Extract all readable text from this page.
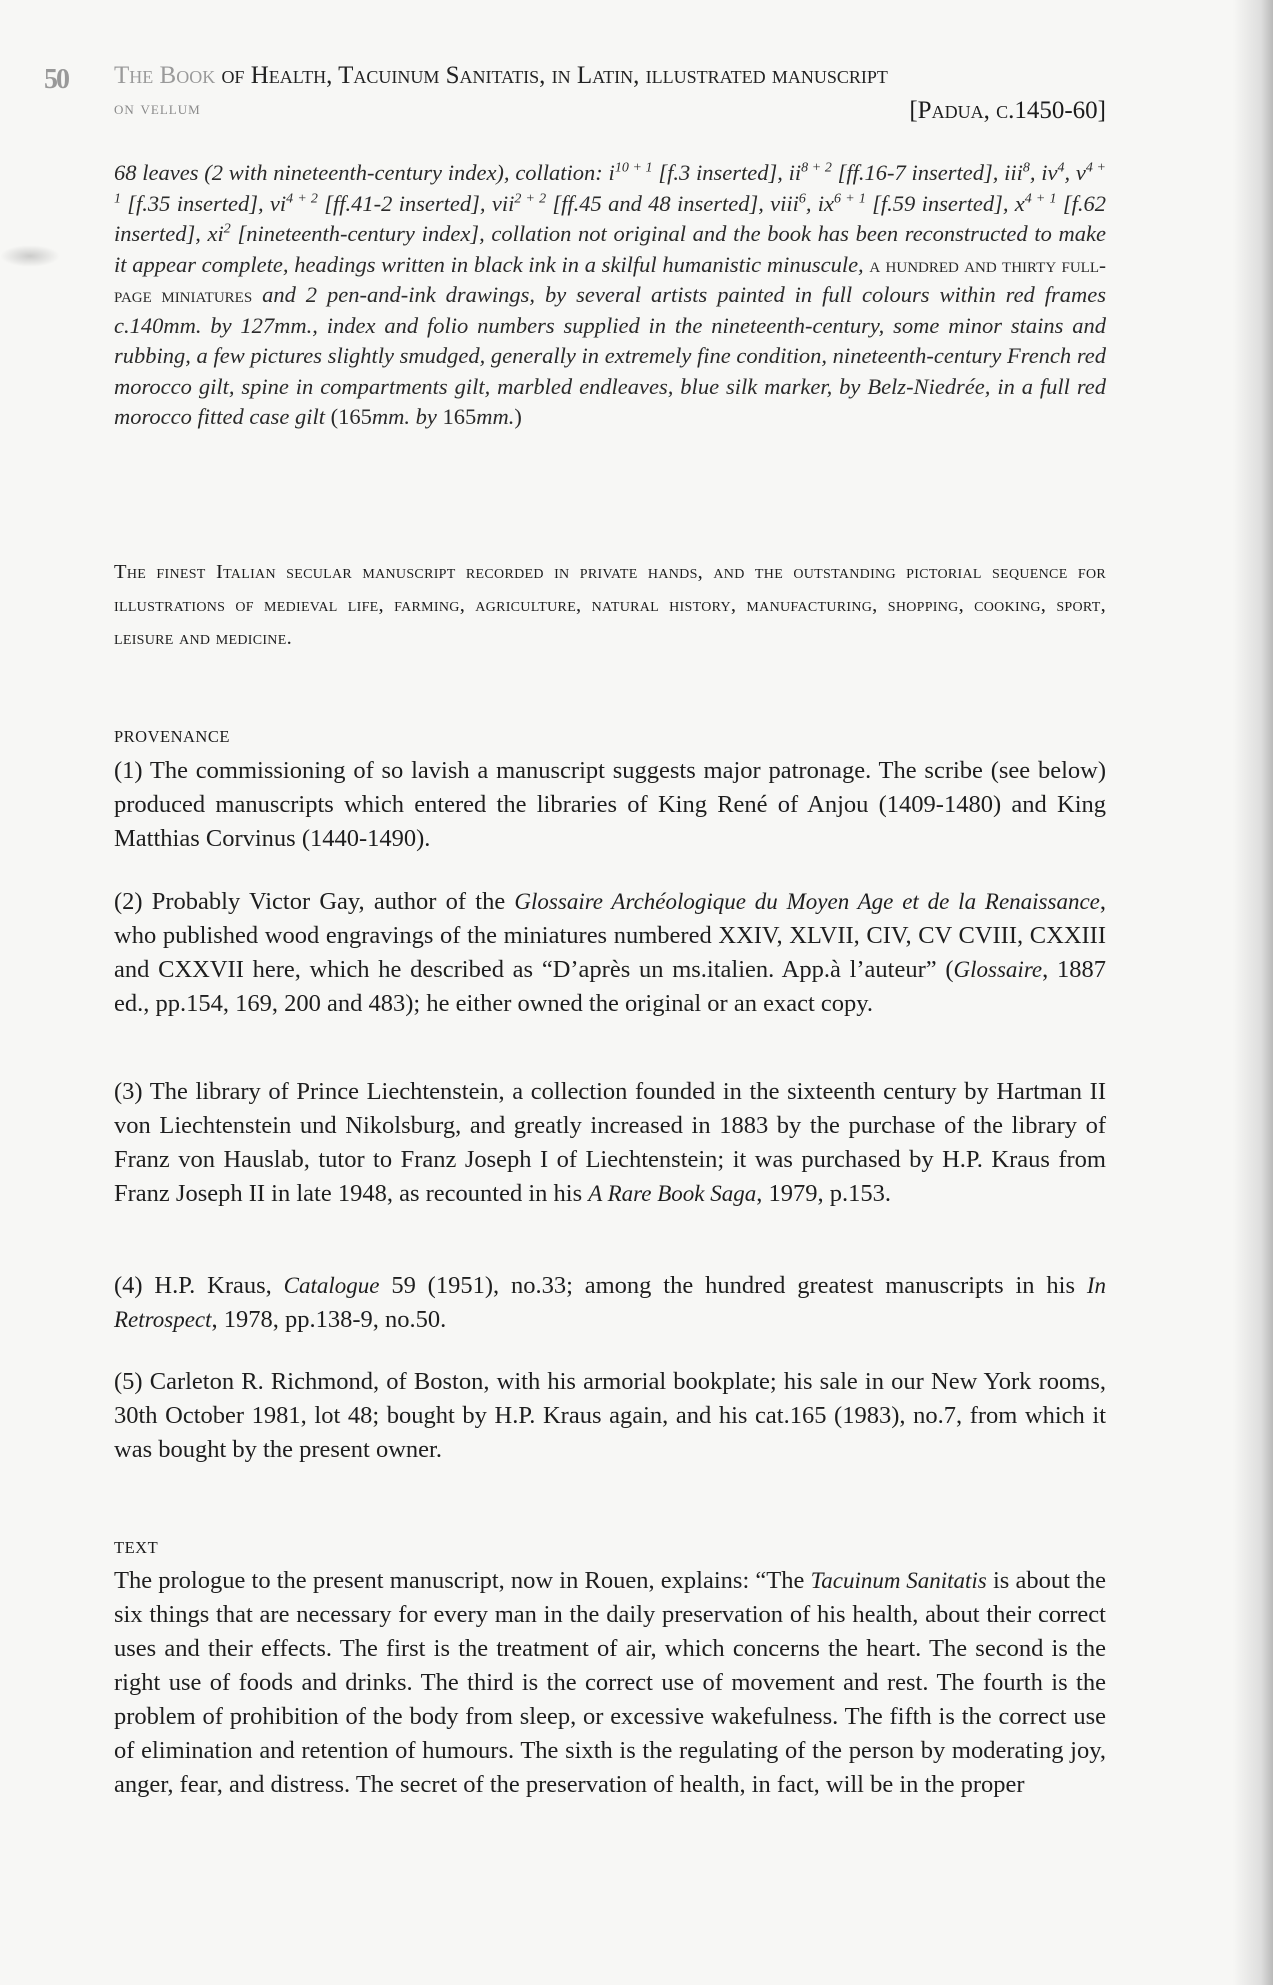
50 The Book of Health, Tacuinum Sanitatis, in Latin, illustrated manuscript
on vellum	[Padua, c.1450-60]
68 leaves (2 with nineteenth-century index), collation: $i^{10 + 1}$ [f.3 inserted], $ii^{8 + 2}$ [ff.16-7 inserted], iii$^8$, $iv^4$, $v^{4 + 1}$ [f.35 inserted], $vi^{4 + 2}$ [ff.41-2 inserted], vii$^{2 + 2}$ [ff.45 and 48 inserted], viii$^6$, $ix^{6 + 1}$ [f.59 inserted], $x^{4 + 1}$ [f.62 inserted], $xi^2$ [nineteenth-century index], collation not original and the book has been reconstructed to make it appear complete, headings written in black ink in a skilful humanistic minuscule, a hundred and thirty full-page miniatures and 2 pen-and-ink drawings, by several artists painted in full colours within red frames c.140mm. by 127mm., index and folio numbers supplied in the nineteenth-century, some minor stains and rubbing, a few pictures slightly smudged, generally in extremely fine condition, nineteenth-century French red morocco gilt, spine in compartments gilt, marbled endleaves, blue silk marker, by Belz-Niedrée, in a full red morocco fitted case gilt (165mm. by 165mm.)
The finest Italian secular manuscript recorded in private hands, and the outstanding pictorial sequence for illustrations of medieval life, farming, agriculture, natural history, manufacturing, shopping, cooking, sport, leisure and medicine.
PROVENANCE
(1) The commissioning of so lavish a manuscript suggests major patronage. The scribe (see below) produced manuscripts which entered the libraries of King René of Anjou (1409-1480) and King Matthias Corvinus (1440-1490).
(2) Probably Victor Gay, author of the Glossaire Archéologique du Moyen Age et de la Renaissance, who published wood engravings of the miniatures numbered XXIV, XLVII, CIV, CV CVIII, CXXIII and CXXVII here, which he described as “D’après un ms.italien. App.à l’auteur” (Glossaire, 1887 ed., pp.154, 169, 200 and 483); he either owned the original or an exact copy.
(3) The library of Prince Liechtenstein, a collection founded in the sixteenth century by Hartman II von Liechtenstein und Nikolsburg, and greatly increased in 1883 by the purchase of the library of Franz von Hauslab, tutor to Franz Joseph I of Liechtenstein; it was purchased by H.P. Kraus from Franz Joseph II in late 1948, as recounted in his A Rare Book Saga, 1979, p.153.
(4) H.P. Kraus, Catalogue 59 (1951), no.33; among the hundred greatest manuscripts in his In Retrospect, 1978, pp.138-9, no.50.
(5) Carleton R. Richmond, of Boston, with his armorial bookplate; his sale in our New York rooms, 30th October 1981, lot 48; bought by H.P. Kraus again, and his cat.165 (1983), no.7, from which it was bought by the present owner.
TEXT
The prologue to the present manuscript, now in Rouen, explains: “The Tacuinum Sanitatis is about the six things that are necessary for every man in the daily preservation of his health, about their correct uses and their effects. The first is the treatment of air, which concerns the heart. The second is the right use of foods and drinks. The third is the correct use of movement and rest. The fourth is the problem of prohibition of the body from sleep, or excessive wakefulness. The fifth is the correct use of elimination and retention of humours. The sixth is the regulating of the person by moderating joy, anger, fear, and distress. The secret of the preservation of health, in fact, will be in the proper
